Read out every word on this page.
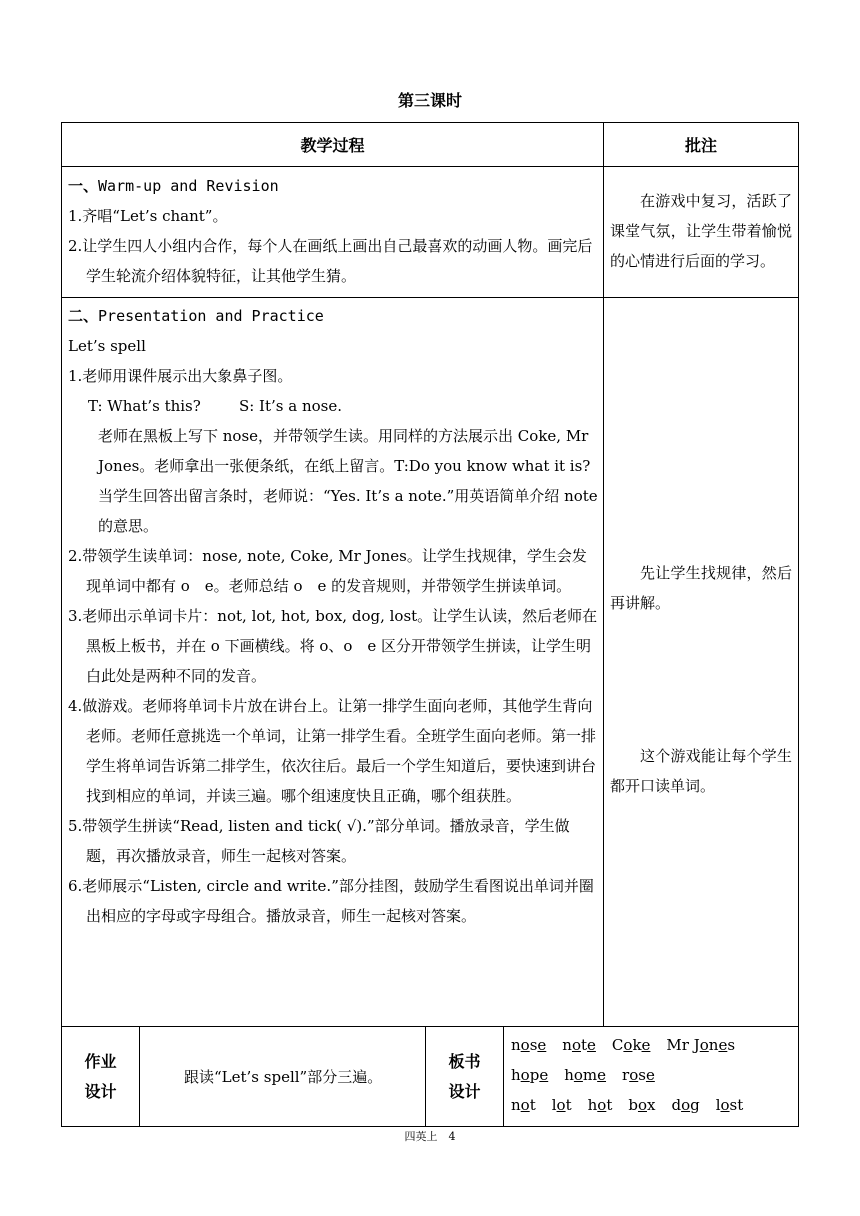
第三课时
教学过程	批注
一、Warm-up and Revision

1.齐唱“Let’s chant”。

2.让学生四人小组内合作，每个人在画纸上画出自己最喜欢的动画人物。画完后学生轮流介绍体貌特征，让其他学生猜。

在游戏中复习，活跃了课堂气氛，让学生带着愉悦的心情进行后面的学习。

二、Presentation and Practice

Let’s spell

1.老师用课件展示出大象鼻子图。

T: What’s this?        S: It’s a nose.

老师在黑板上写下 nose，并带领学生读。用同样的方法展示出 Coke, Mr Jones。老师拿出一张便条纸，在纸上留言。T:Do you know what it is?当学生回答出留言条时，老师说：“Yes. It’s a note.”用英语简单介绍 note 的意思。

2.带领学生读单词：nose, note, Coke, Mr Jones。让学生找规律，学生会发现单词中都有 o　e。老师总结 o　e 的发音规则，并带领学生拼读单词。

3.老师出示单词卡片：not, lot, hot, box, dog, lost。让学生认读，然后老师在黑板上板书，并在 o 下画横线。将 o、o　e 区分开带领学生拼读，让学生明白此处是两种不同的发音。

4.做游戏。老师将单词卡片放在讲台上。让第一排学生面向老师，其他学生背向老师。老师任意挑选一个单词，让第一排学生看。全班学生面向老师。第一排学生将单词告诉第二排学生，依次往后。最后一个学生知道后，要快速到讲台找到相应的单词，并读三遍。哪个组速度快且正确，哪个组获胜。

5.带领学生拼读“Read, listen and tick( √).”部分单词。播放录音，学生做题，再次播放录音，师生一起核对答案。

6.老师展示“Listen, circle and write.”部分挂图，鼓励学生看图说出单词并圈出相应的字母或字母组合。播放录音，师生一起核对答案。

先让学生找规律，然后再讲解。

这个游戏能让每个学生都开口读单词。

作业
设计

跟读“Let’s spell”部分三遍。

板书
设计
nose note Coke Mr Jones
hope home rose
not lot hot box dog lost
四英上　4
